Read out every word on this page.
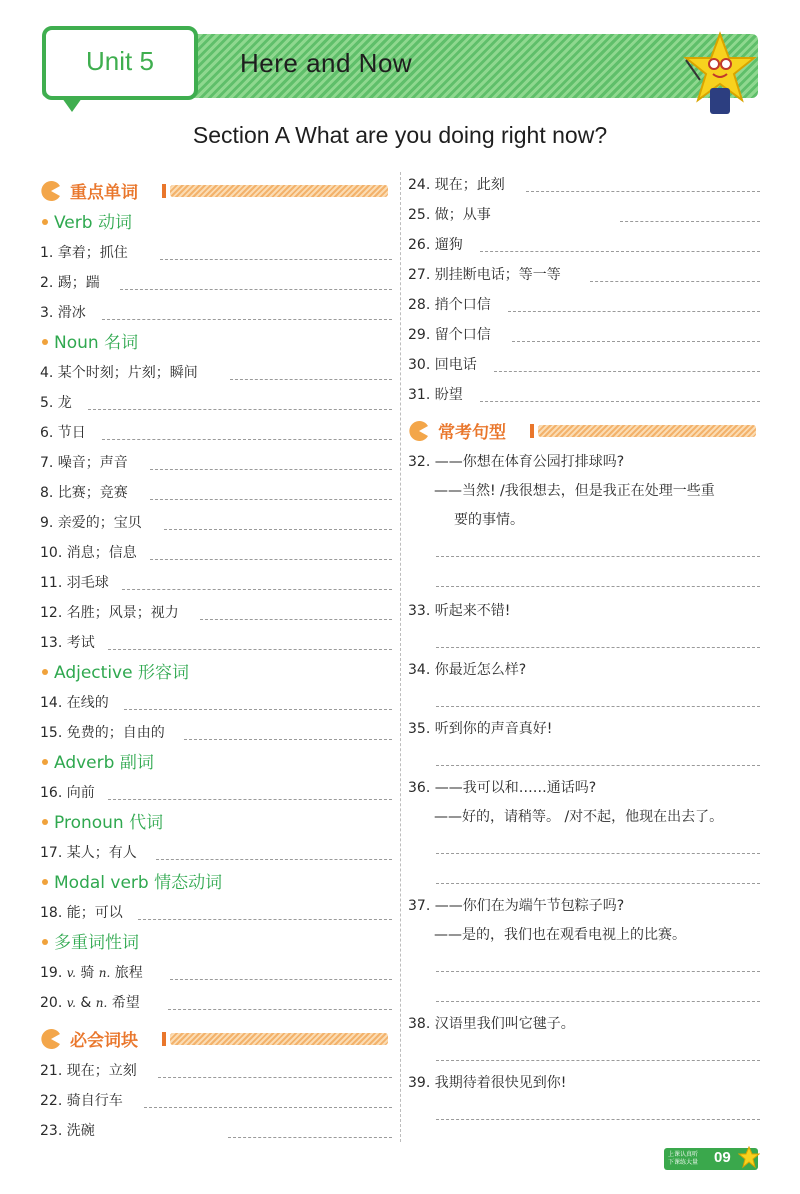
Unit 5	Here and Now
Section A What are you doing right now?
重点单词
Verb 动词
1. 拿着；抓住
2. 踢；踹
3. 滑冰
Noun 名词
4. 某个时刻；片刻；瞬间
5. 龙
6. 节日
7. 噪音；声音
8. 比赛；竞赛
9. 亲爱的；宝贝
10. 消息；信息
11. 羽毛球
12. 名胜；风景；视力
13. 考试
Adjective 形容词
14. 在线的
15. 免费的；自由的
Adverb 副词
16. 向前
Pronoun 代词
17. 某人；有人
Modal verb 情态动词
18. 能；可以
多重词性词
19. v. 骑 n. 旅程
20. v. & n. 希望
必会词块
21. 现在；立刻
22. 骑自行车
23. 洗碗
24. 现在；此刻
25. 做；从事
26. 遛狗
27. 别挂断电话；等一等
28. 捎个口信
29. 留个口信
30. 回电话
31. 盼望
常考句型
32. ——你想在体育公园打排球吗?
——当然! /我很想去，但是我正在处理一些重
要的事情。
33. 听起来不错!
34. 你最近怎么样?
35. 听到你的声音真好!
36. ——我可以和……通话吗?
——好的，请稍等。 /对不起，他现在出去了。
37. ——你们在为端午节包粽子吗?
——是的，我们也在观看电视上的比赛。
38. 汉语里我们叫它毽子。
39. 我期待着很快见到你!
上课认真听
下课练大量 09
